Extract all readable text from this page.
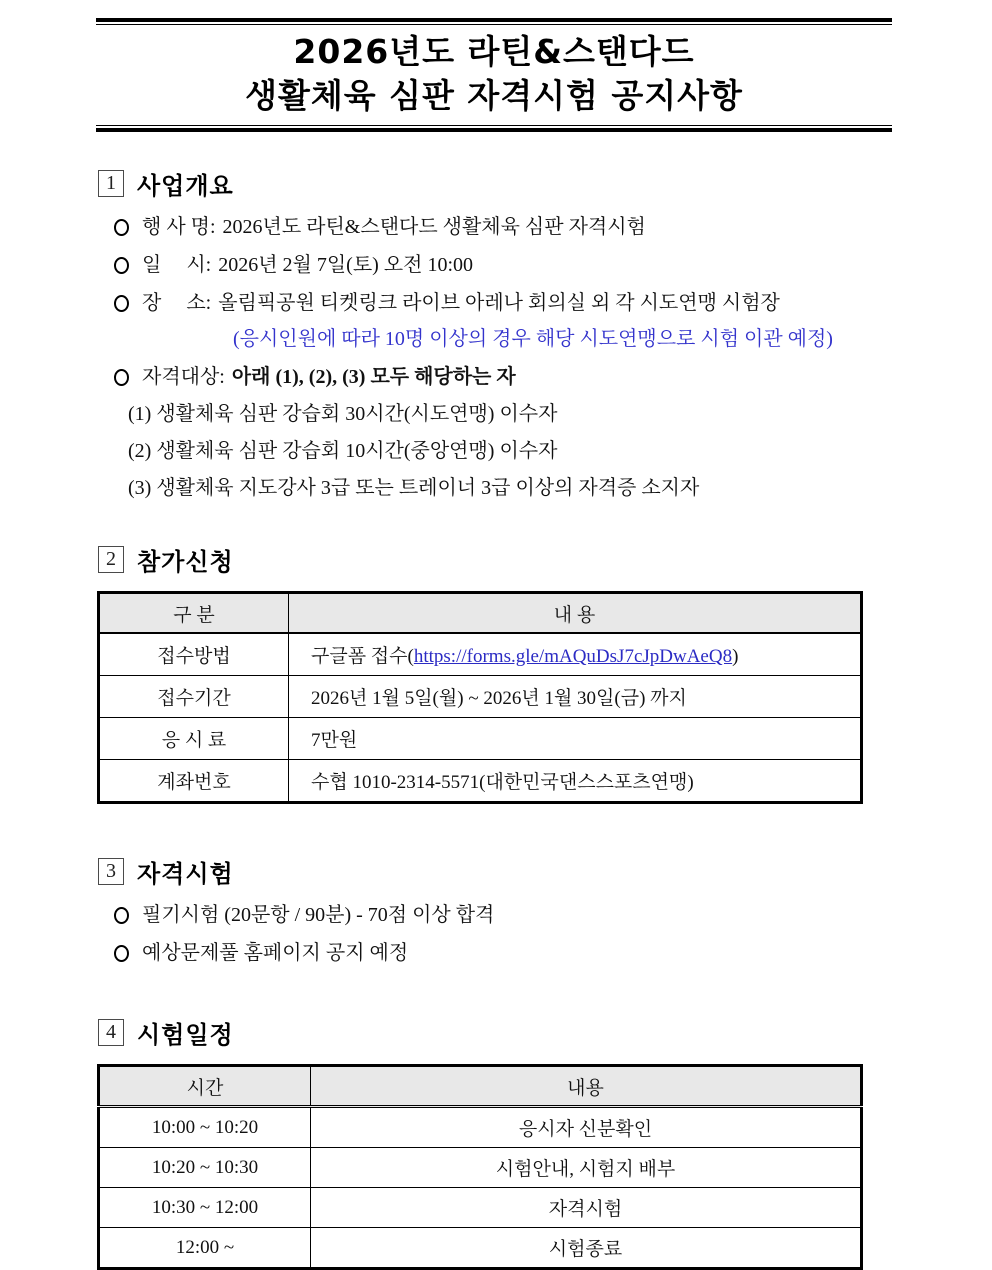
2026년도 라틴&스탠다드
생활체육 심판 자격시험 공지사항
1 사업개요
행 사 명: 2026년도 라틴&스탠다드 생활체육 심판 자격시험
일     시: 2026년 2월 7일(토) 오전 10:00
장     소: 올림픽공원 티켓링크 라이브 아레나 회의실 외 각 시도연맹 시험장
(응시인원에 따라 10명 이상의 경우 해당 시도연맹으로 시험 이관 예정)
자격대상: 아래 (1), (2), (3) 모두 해당하는 자
(1) 생활체육 심판 강습회 30시간(시도연맹) 이수자
(2) 생활체육 심판 강습회 10시간(중앙연맹) 이수자
(3) 생활체육 지도강사 3급 또는 트레이너 3급 이상의 자격증 소지자
2 참가신청
구 분	내 용
접수방법	구글폼 접수(https://forms.gle/mAQuDsJ7cJpDwAeQ8)
접수기간	2026년 1월 5일(월) ~ 2026년 1월 30일(금) 까지
응 시 료	7만원
계좌번호	수협 1010-2314-5571(대한민국댄스스포츠연맹)
3 자격시험
필기시험 (20문항 / 90분) - 70점 이상 합격
예상문제풀 홈페이지 공지 예정
4 시험일정
시간	내용
10:00 ~ 10:20	응시자 신분확인
10:20 ~ 10:30	시험안내, 시험지 배부
10:30 ~ 12:00	자격시험
12:00 ~	시험종료
